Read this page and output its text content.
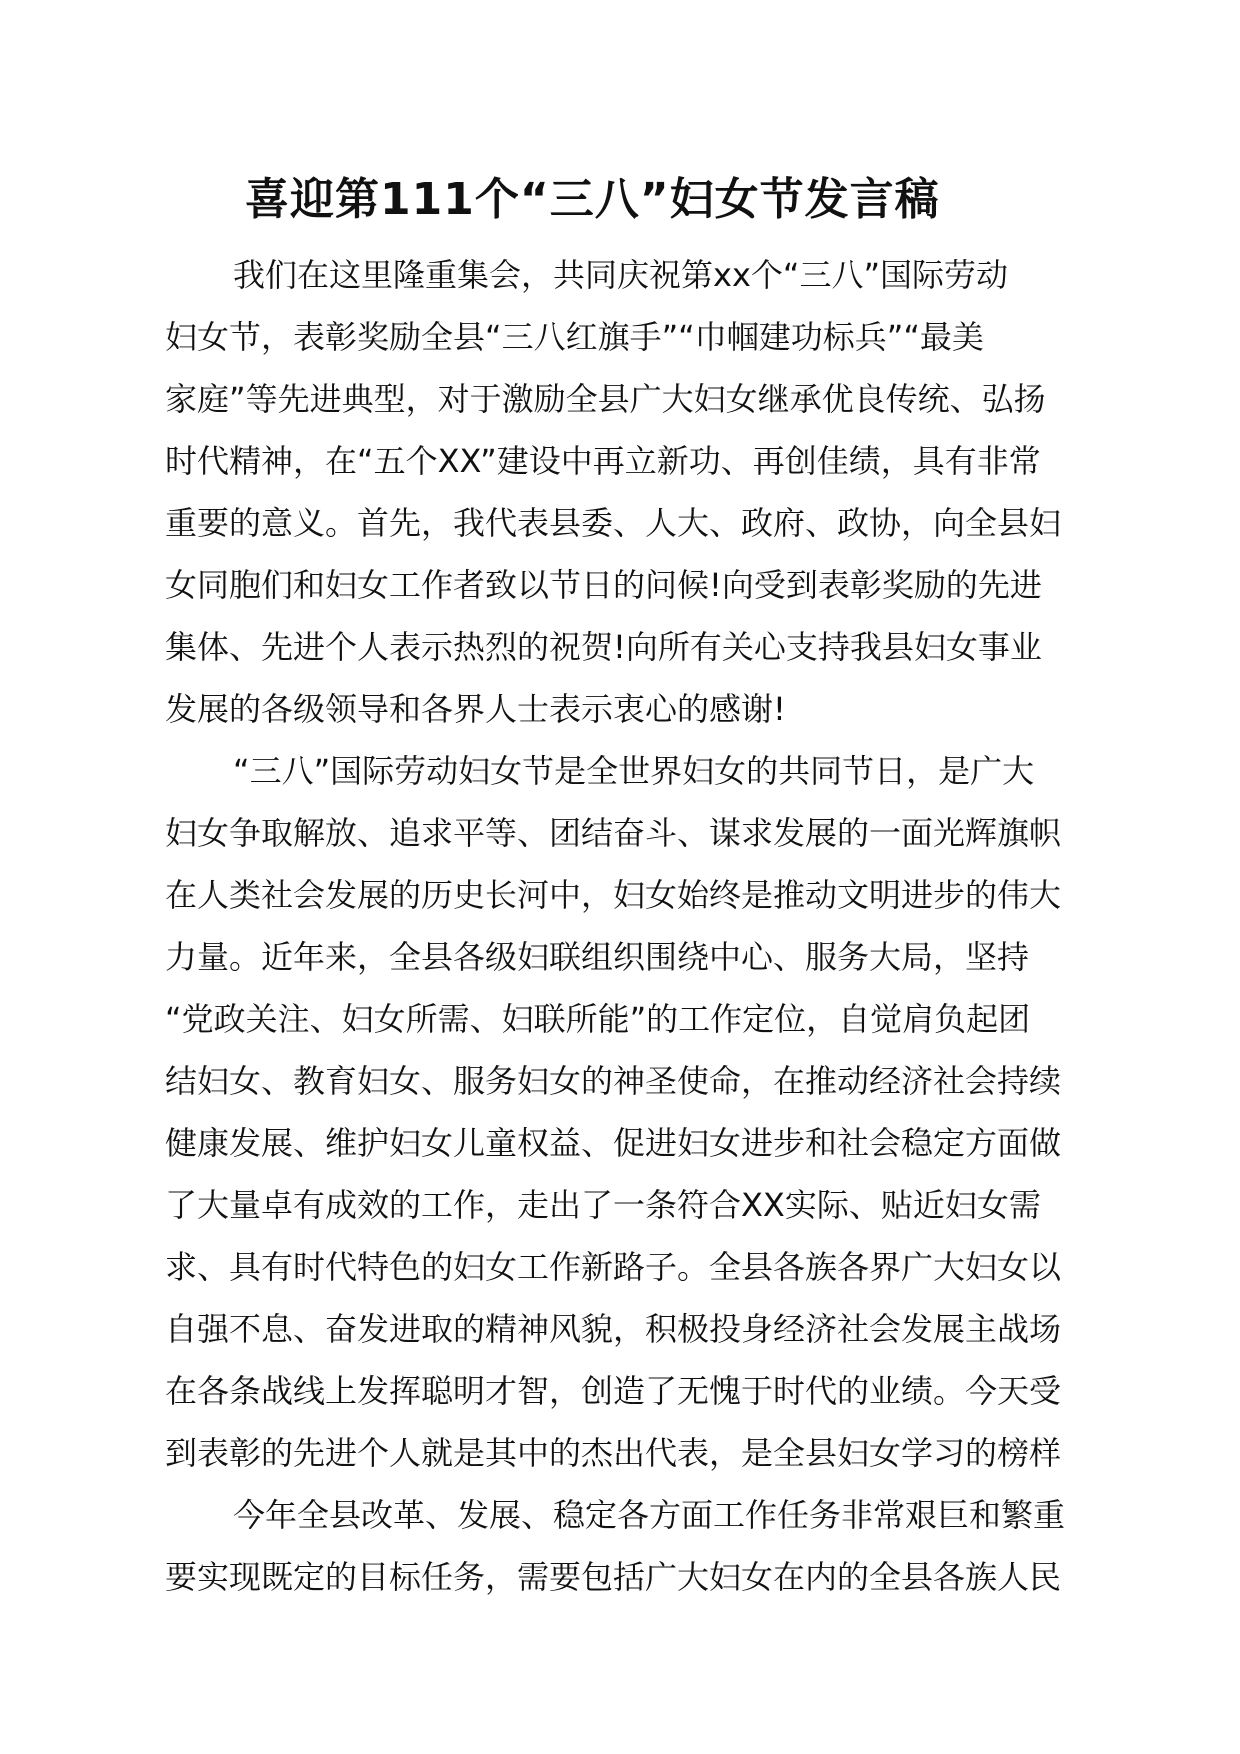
喜迎第111个“三八”妇女节发言稿
我们在这里隆重集会，共同庆祝第xx个“三八”国际劳动
妇女节，表彰奖励全县“三八红旗手”“巾帼建功标兵”“最美
家庭”等先进典型，对于激励全县广大妇女继承优良传统、弘扬
时代精神，在“五个XX”建设中再立新功、再创佳绩，具有非常
重要的意义。首先，我代表县委、人大、政府、政协，向全县妇
女同胞们和妇女工作者致以节日的问候!向受到表彰奖励的先进
集体、先进个人表示热烈的祝贺!向所有关心支持我县妇女事业
发展的各级领导和各界人士表示衷心的感谢!
“三八”国际劳动妇女节是全世界妇女的共同节日，是广大
妇女争取解放、追求平等、团结奋斗、谋求发展的一面光辉旗帜
在人类社会发展的历史长河中，妇女始终是推动文明进步的伟大
力量。近年来，全县各级妇联组织围绕中心、服务大局，坚持
“党政关注、妇女所需、妇联所能”的工作定位，自觉肩负起团
结妇女、教育妇女、服务妇女的神圣使命，在推动经济社会持续
健康发展、维护妇女儿童权益、促进妇女进步和社会稳定方面做
了大量卓有成效的工作，走出了一条符合XX实际、贴近妇女需
求、具有时代特色的妇女工作新路子。全县各族各界广大妇女以
自强不息、奋发进取的精神风貌，积极投身经济社会发展主战场
在各条战线上发挥聪明才智，创造了无愧于时代的业绩。今天受
到表彰的先进个人就是其中的杰出代表，是全县妇女学习的榜样
今年全县改革、发展、稳定各方面工作任务非常艰巨和繁重
要实现既定的目标任务，需要包括广大妇女在内的全县各族人民
